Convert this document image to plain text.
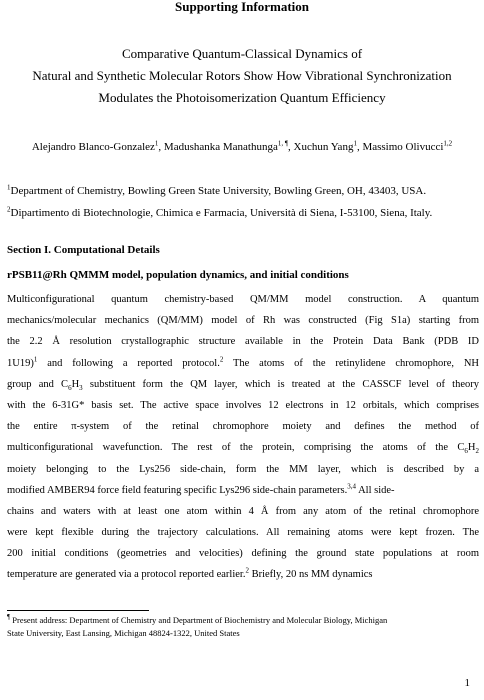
Supporting Information
Comparative Quantum-Classical Dynamics of
Natural and Synthetic Molecular Rotors Show How Vibrational Synchronization
Modulates the Photoisomerization Quantum Efficiency
Alejandro Blanco-Gonzalez$^1$, Madushanka Manathunga$^{1, \P}$, Xuchun Yang$^1$, Massimo Olivucci$^{1,2}$
$^1$Department of Chemistry, Bowling Green State University, Bowling Green, OH, 43403, USA.
$^2$Dipartimento di Biotechnologie, Chimica e Farmacia, Università di Siena, I-53100, Siena, Italy.
Section I. Computational Details
rPSB11@Rh QMMM model, population dynamics, and initial conditions
Multiconfigurational quantum chemistry-based QM/MM model construction. A quantum
mechanics/molecular mechanics (QM/MM) model of Rh was constructed (Fig S1a) starting from
the 2.2 Å resolution crystallographic structure available in the Protein Data Bank (PDB ID
1U19)$^1$ and following a reported protocol.$^2$ The atoms of the retinylidene chromophore, NH
group and $C_6H_3$ substituent form the QM layer, which is treated at the CASSCF level of theory
with the 6-31G* basis set. The active space involves 12 electrons in 12 orbitals, which comprises
the entire π-system of the retinal chromophore moiety and defines the method of
multiconfigurational wavefunction. The rest of the protein, comprising the atoms of the $C_6H_2$
moiety belonging to the Lys256 side-chain, form the MM layer, which is described by a
modified AMBER94 force field featuring specific Lys296 side-chain parameters.$^{3,4}$ All side-
chains and waters with at least one atom within 4 Å from any atom of the retinal chromophore
were kept flexible during the trajectory calculations. All remaining atoms were kept frozen. The
200 initial conditions (geometries and velocities) defining the ground state populations at room
temperature are generated via a protocol reported earlier.$^2$ Briefly, 20 ns MM dynamics
¶ Present address: Department of Chemistry and Department of Biochemistry and Molecular Biology, Michigan
State University, East Lansing, Michigan 48824-1322, United States
1
